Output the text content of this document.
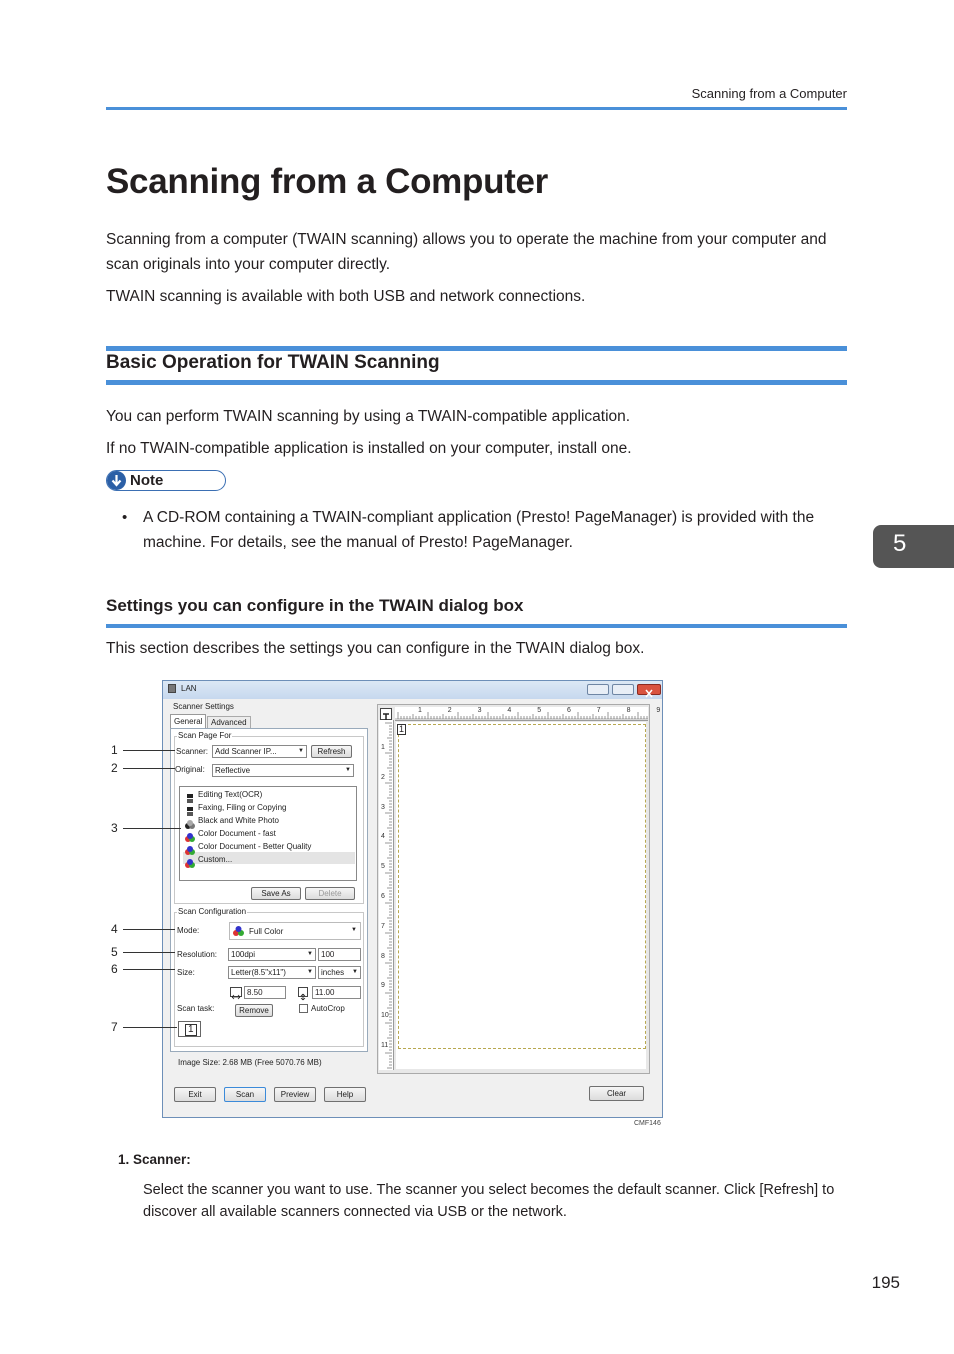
Scanning from a Computer
Scanning from a Computer
Scanning from a computer (TWAIN scanning) allows you to operate the machine from your computer and scan originals into your computer directly.
TWAIN scanning is available with both USB and network connections.
Basic Operation for TWAIN Scanning
You can perform TWAIN scanning by using a TWAIN-compatible application.
If no TWAIN-compatible application is installed on your computer, install one.
Note
• A CD-ROM containing a TWAIN-compliant application (Presto! PageManager) is provided with the machine. For details, see the manual of Presto! PageManager.	5
Settings you can configure in the TWAIN dialog box
This section describes the settings you can configure in the TWAIN dialog box.
LAN
Scanner Settings
General Advanced
Scan Page For
Scanner: Add Scanner IP...	▼	Refresh
Original:	Reflective	▼
Editing Text(OCR)
Faxing, Filing or Copying
Black and White Photo
Color Document - fast
Color Document - Better Quality
Custom...
Save As	Delete
Scan Configuration
Mode:	Full Color	▼
Resolution:	100dpi	▼	100
Size:	Letter(8.5"x11")	▼	inches ▼
8.50	11.00
Scan task:	Remove	AutoCrop
1
Image Size: 2.68 MB (Free 5070.76 MB)
Exit	Scan	Preview	Help	Clear
1
1	2	3	4	5	6	7	8	9
1
2
3
4
5
6
7
8
9
10
11
1
2
3
4
5
6
7
CMF146
1. Scanner:
Select the scanner you want to use. The scanner you select becomes the default scanner. Click [Refresh] to discover all available scanners connected via USB or the network.
195
